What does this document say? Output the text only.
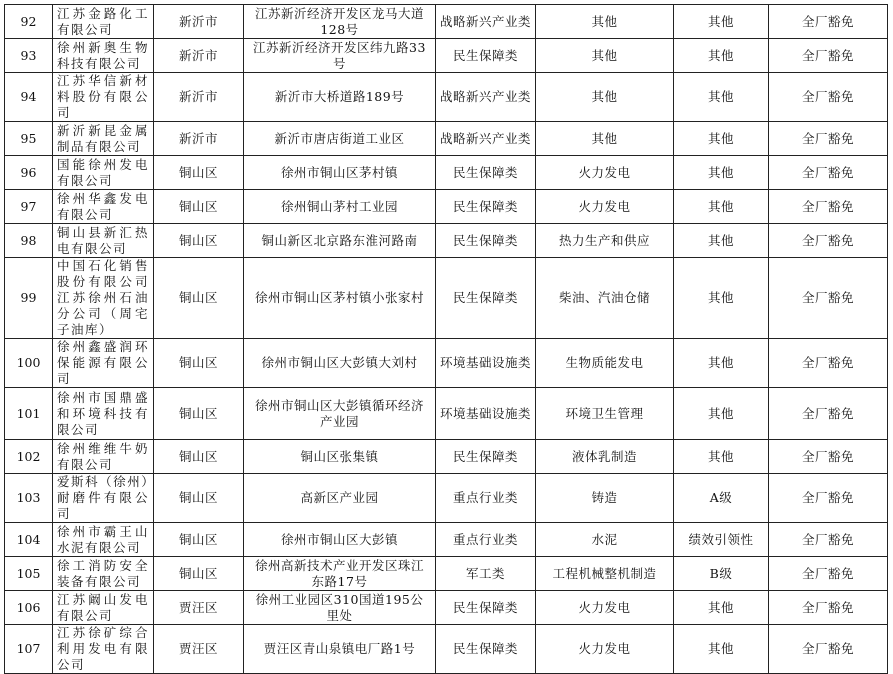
92	江苏金路化工有限公司	新沂市	江苏新沂经济开发区龙马大道128号	战略新兴产业类	其他	其他	全厂豁免
93	徐州新奥生物科技有限公司	新沂市	江苏新沂经济开发区纬九路33号	民生保障类	其他	其他	全厂豁免
94	江苏华信新材料股份有限公司	新沂市	新沂市大桥道路189号	战略新兴产业类	其他	其他	全厂豁免
95	新沂新昆金属制品有限公司	新沂市	新沂市唐店街道工业区	战略新兴产业类	其他	其他	全厂豁免
96	国能徐州发电有限公司	铜山区	徐州市铜山区茅村镇	民生保障类	火力发电	其他	全厂豁免
97	徐州华鑫发电有限公司	铜山区	徐州铜山茅村工业园	民生保障类	火力发电	其他	全厂豁免
98	铜山县新汇热电有限公司	铜山区	铜山新区北京路东淮河路南	民生保障类	热力生产和供应	其他	全厂豁免
99	中国石化销售股份有限公司江苏徐州石油分公司（周宅子油库）	铜山区	徐州市铜山区茅村镇小张家村	民生保障类	柴油、汽油仓储	其他	全厂豁免
100	徐州鑫盛润环保能源有限公司	铜山区	徐州市铜山区大彭镇大刘村	环境基础设施类	生物质能发电	其他	全厂豁免
101	徐州市国鼎盛和环境科技有限公司	铜山区	徐州市铜山区大彭镇循环经济产业园	环境基础设施类	环境卫生管理	其他	全厂豁免
102	徐州维维牛奶有限公司	铜山区	铜山区张集镇	民生保障类	液体乳制造	其他	全厂豁免
103	爱斯科（徐州）耐磨件有限公司	铜山区	高新区产业园	重点行业类	铸造	A级	全厂豁免
104	徐州市霸王山水泥有限公司	铜山区	徐州市铜山区大彭镇	重点行业类	水泥	绩效引领性	全厂豁免
105	徐工消防安全装备有限公司	铜山区	徐州高新技术产业开发区珠江东路17号	军工类	工程机械整机制造	B级	全厂豁免
106	江苏阚山发电有限公司	贾汪区	徐州工业园区310国道195公里处	民生保障类	火力发电	其他	全厂豁免
107	江苏徐矿综合利用发电有限公司	贾汪区	贾汪区青山泉镇电厂路1号	民生保障类	火力发电	其他	全厂豁免
